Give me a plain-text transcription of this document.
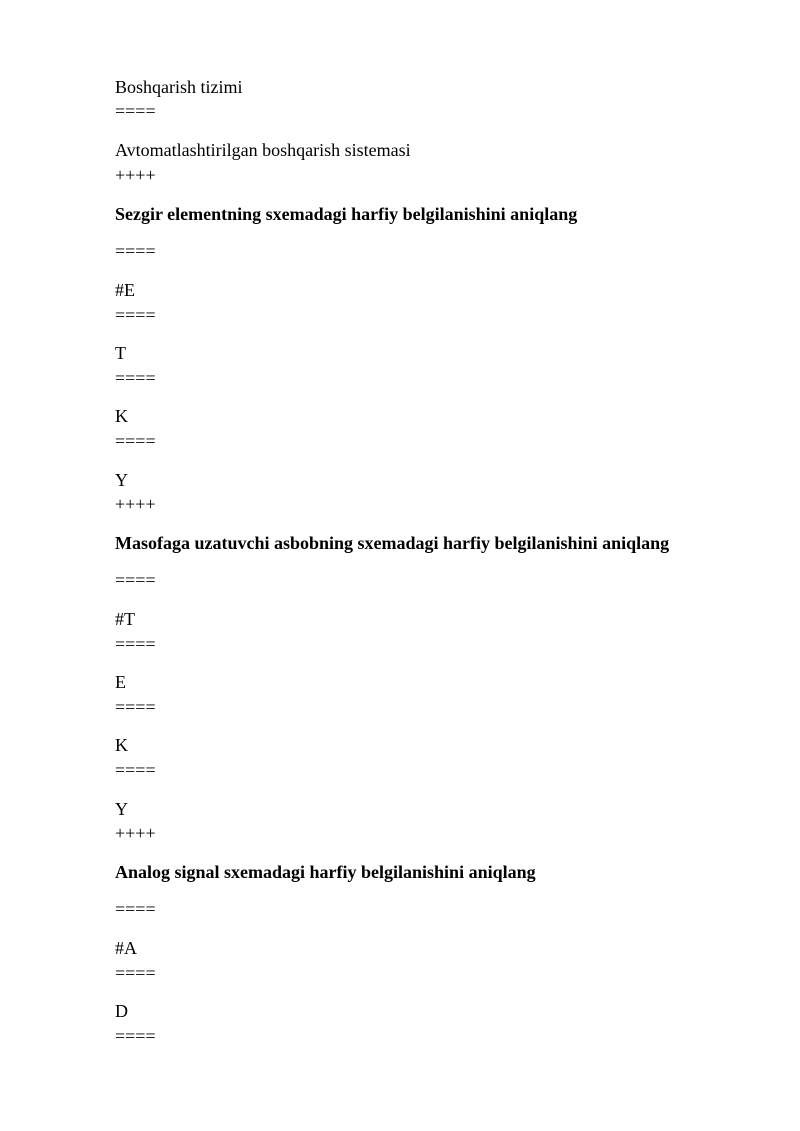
Boshqarish tizimi
====
Avtomatlashtirilgan boshqarish sistemasi
++++
Sezgir elementning sxemadagi harfiy belgilanishini aniqlang
====
#E
====
T
====
K
====
Y
++++
Masofaga uzatuvchi asbobning sxemadagi harfiy belgilanishini aniqlang
====
#T
====
E
====
K
====
Y
++++
Analog signal sxemadagi harfiy belgilanishini aniqlang
====
#A
====
D
====
